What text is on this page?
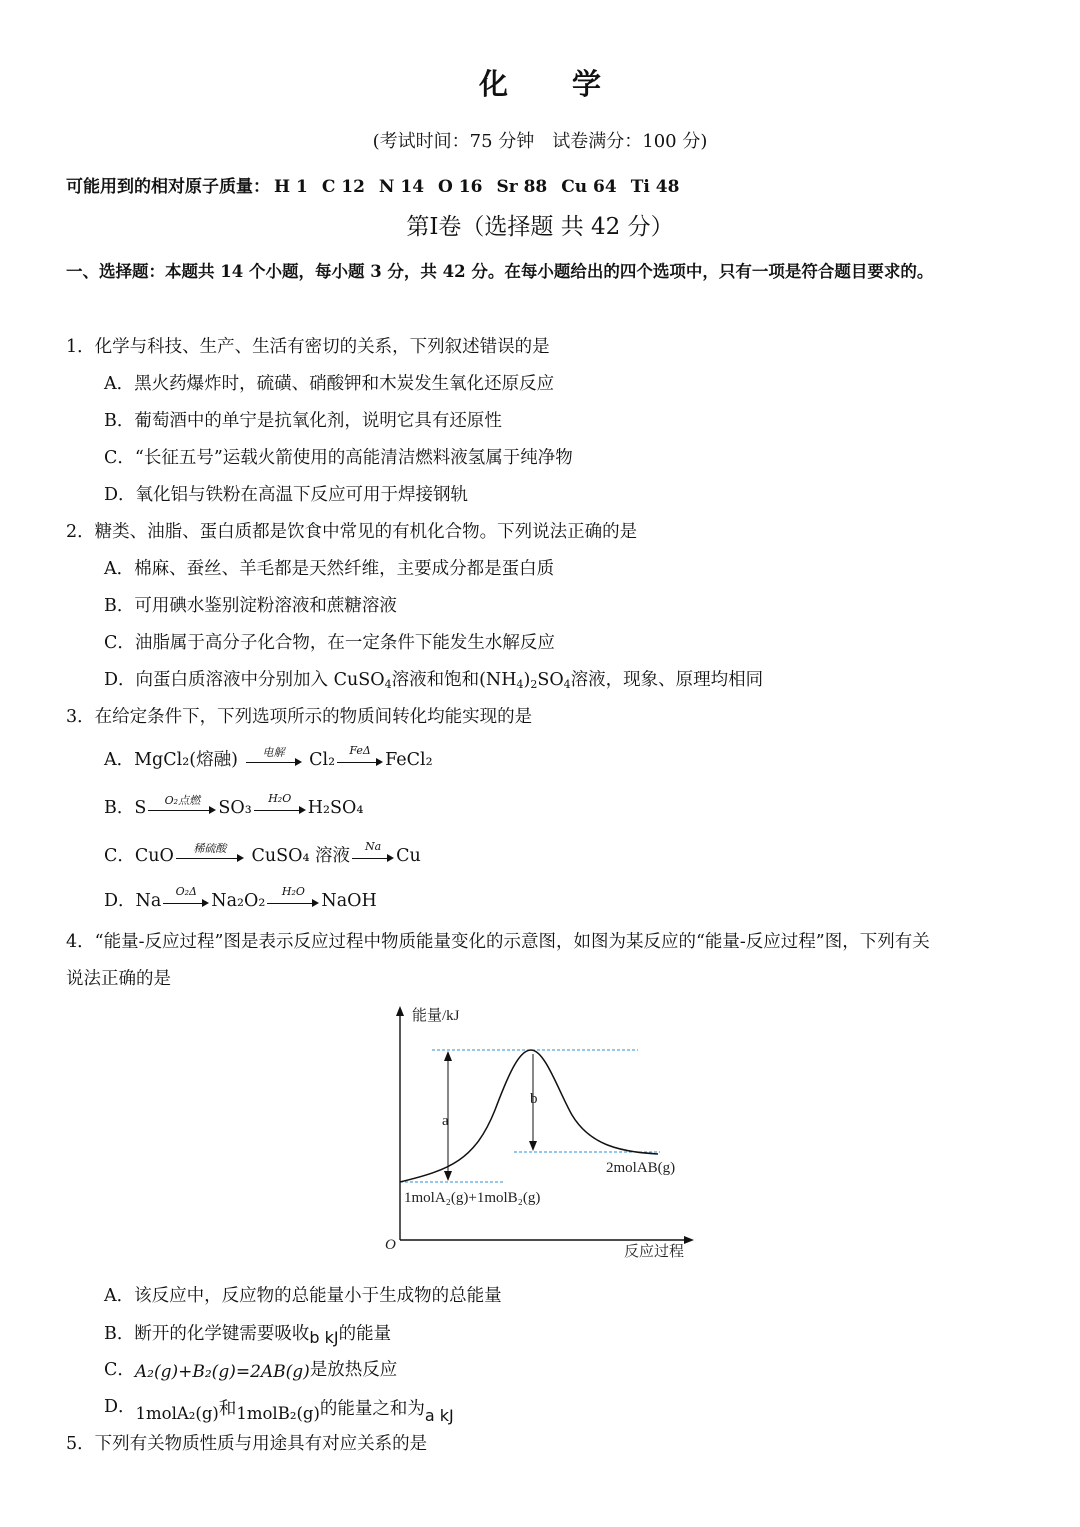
化 学
(考试时间：75 分钟　试卷满分：100 分)
可能用到的相对原子质量： H 1 C 12 N 14 O 16 Sr 88 Cu 64 Ti 48
第Ⅰ卷（选择题 共 42 分）
一、选择题：本题共 14 个小题，每小题 3 分，共 42 分。在每小题给出的四个选项中，只有一项是符合题目要求的。
1．化学与科技、生产、生活有密切的关系，下列叙述错误的是
A．黑火药爆炸时，硫磺、硝酸钾和木炭发生氧化还原反应
B．葡萄酒中的单宁是抗氧化剂，说明它具有还原性
C．“长征五号”运载火箭使用的高能清洁燃料液氢属于纯净物
D．氧化铝与铁粉在高温下反应可用于焊接钢轨
2．糖类、油脂、蛋白质都是饮食中常见的有机化合物。下列说法正确的是
A．棉麻、蚕丝、羊毛都是天然纤维，主要成分都是蛋白质
B．可用碘水鉴别淀粉溶液和蔗糖溶液
C．油脂属于高分子化合物，在一定条件下能发生水解反应
D．向蛋白质溶液中分别加入 CuSO$_4$溶液和饱和$(NH_4)_2SO_4$溶液，现象、原理均相同
3．在给定条件下，下列选项所示的物质间转化均能实现的是
A．MgCl₂(熔融)	电解	Cl₂	FeΔ FeCl₂
B．S	O₂点燃	SO₃	H₂O H₂SO₄
C．CuO	稀硫酸	CuSO₄ 溶液	Na Cu
D．Na	O₂Δ Na₂O₂	H₂O NaOH
4．“能量-反应过程”图是表示反应过程中物质能量变化的示意图，如图为某反应的“能量-反应过程”图，下列有关
说法正确的是
能量/kJ
反应过程
O
a
b
2molAB(g)
1molA₂(g)+1molB₂(g)
A．该反应中，反应物的总能量小于生成物的总能量
B．断开的化学键需要吸收b kJ的能量
C．A₂(g)+B₂(g)=2AB(g)是放热反应
D．1molA₂(g)和1molB₂(g)的能量之和为a kJ
5．下列有关物质性质与用途具有对应关系的是
